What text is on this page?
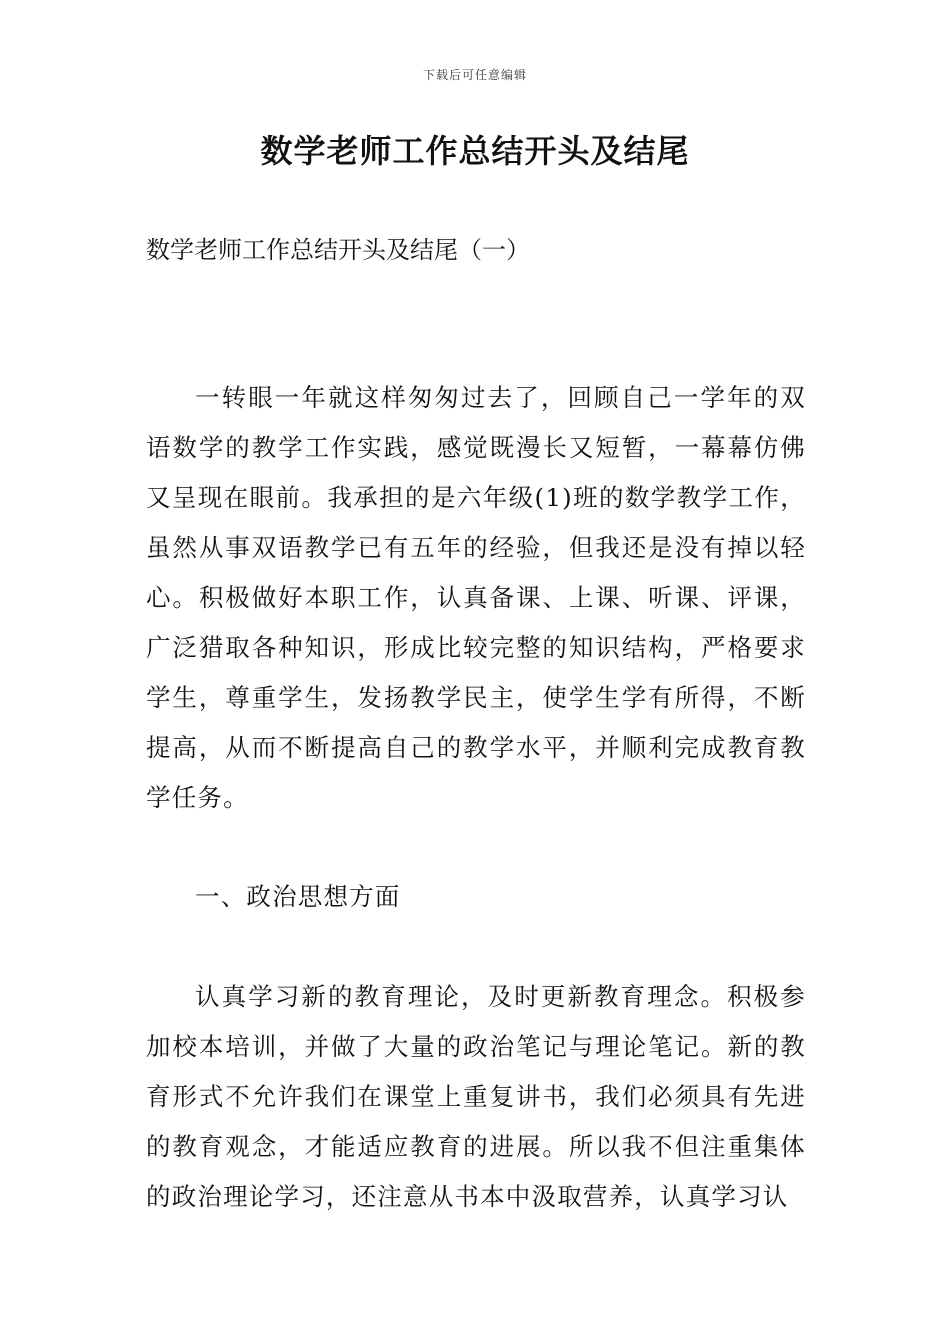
下载后可任意编辑
数学老师工作总结开头及结尾

数学老师工作总结开头及结尾（一）

一转眼一年就这样匆匆过去了，回顾自己一学年的双语数学的教学工作实践，感觉既漫长又短暂，一幕幕仿佛又呈现在眼前。我承担的是六年级(1)班的数学教学工作，虽然从事双语教学已有五年的经验，但我还是没有掉以轻心。积极做好本职工作，认真备课、上课、听课、评课，广泛猎取各种知识，形成比较完整的知识结构，严格要求学生，尊重学生，发扬教学民主，使学生学有所得，不断提高，从而不断提高自己的教学水平，并顺利完成教育教学任务。

一、政治思想方面

认真学习新的教育理论，及时更新教育理念。积极参加校本培训，并做了大量的政治笔记与理论笔记。新的教育形式不允许我们在课堂上重复讲书，我们必须具有先进的教育观念，才能适应教育的进展。所以我不但注重集体的政治理论学习，还注意从书本中汲取营养，认真学习认
